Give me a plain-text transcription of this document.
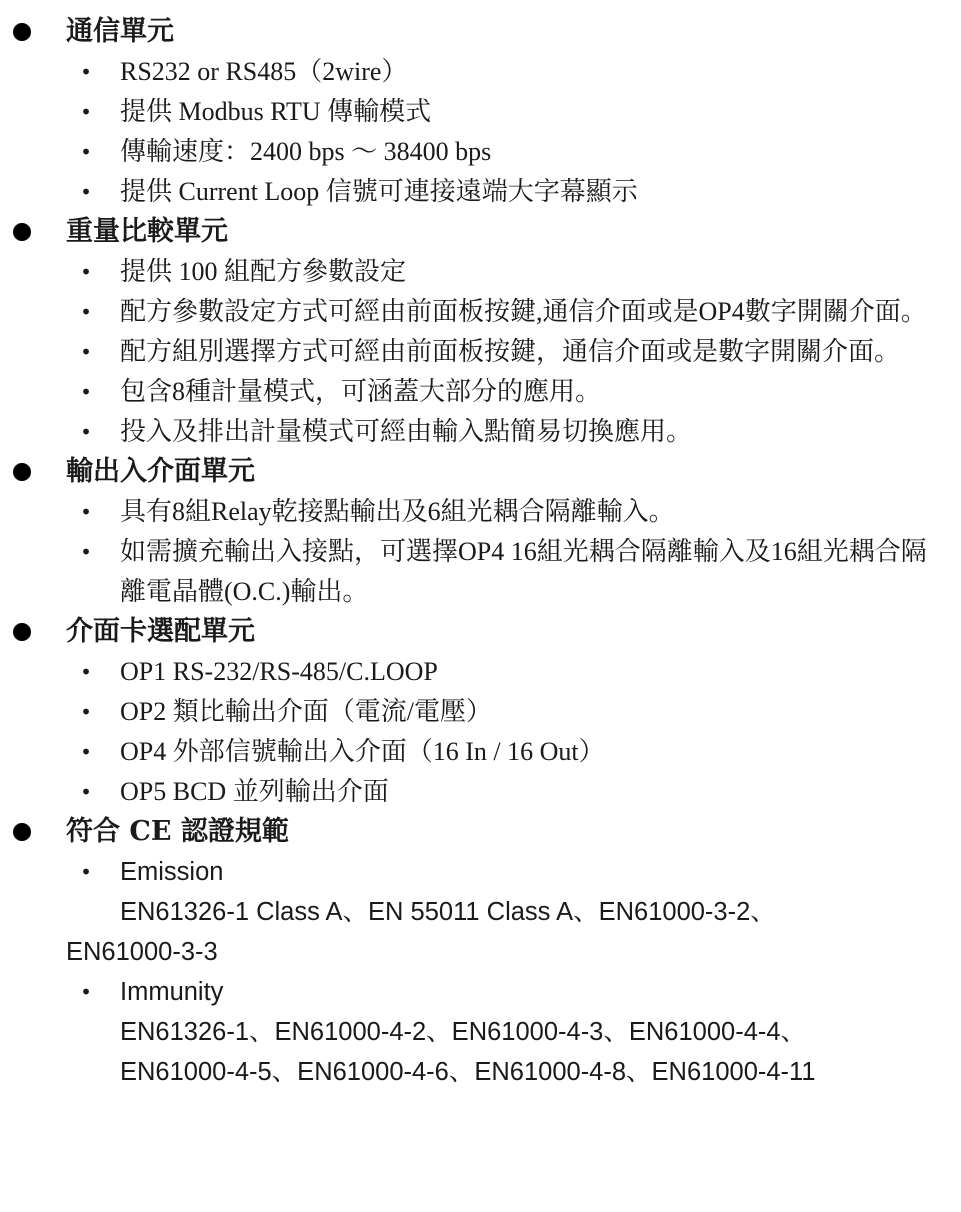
通信單元
• RS232 or RS485（2wire）
• 提供 Modbus RTU 傳輸模式
• 傳輸速度：2400 bps ～ 38400 bps
• 提供 Current Loop 信號可連接遠端大字幕顯示
重量比較單元
• 提供 100 組配方參數設定
• 配方參數設定方式可經由前面板按鍵,通信介面或是OP4數字開關介面。
• 配方組別選擇方式可經由前面板按鍵，通信介面或是數字開關介面。
• 包含8種計量模式，可涵蓋大部分的應用。
• 投入及排出計量模式可經由輸入點簡易切換應用。
輸出入介面單元
• 具有8組Relay乾接點輸出及6組光耦合隔離輸入。
• 如需擴充輸出入接點，可選擇OP4 16組光耦合隔離輸入及16組光耦合隔離電晶體(O.C.)輸出。
介面卡選配單元
• OP1 RS-232/RS-485/C.LOOP
• OP2 類比輸出介面（電流/電壓）
• OP4 外部信號輸出入介面（16 In / 16 Out）
• OP5 BCD 並列輸出介面
符合 CE 認證規範
• Emission
EN61326-1 Class A、EN 55011 Class A、EN61000-3-2、
EN61000-3-3
• Immunity
EN61326-1、EN61000-4-2、EN61000-4-3、EN61000-4-4、
EN61000-4-5、EN61000-4-6、EN61000-4-8、EN61000-4-11
